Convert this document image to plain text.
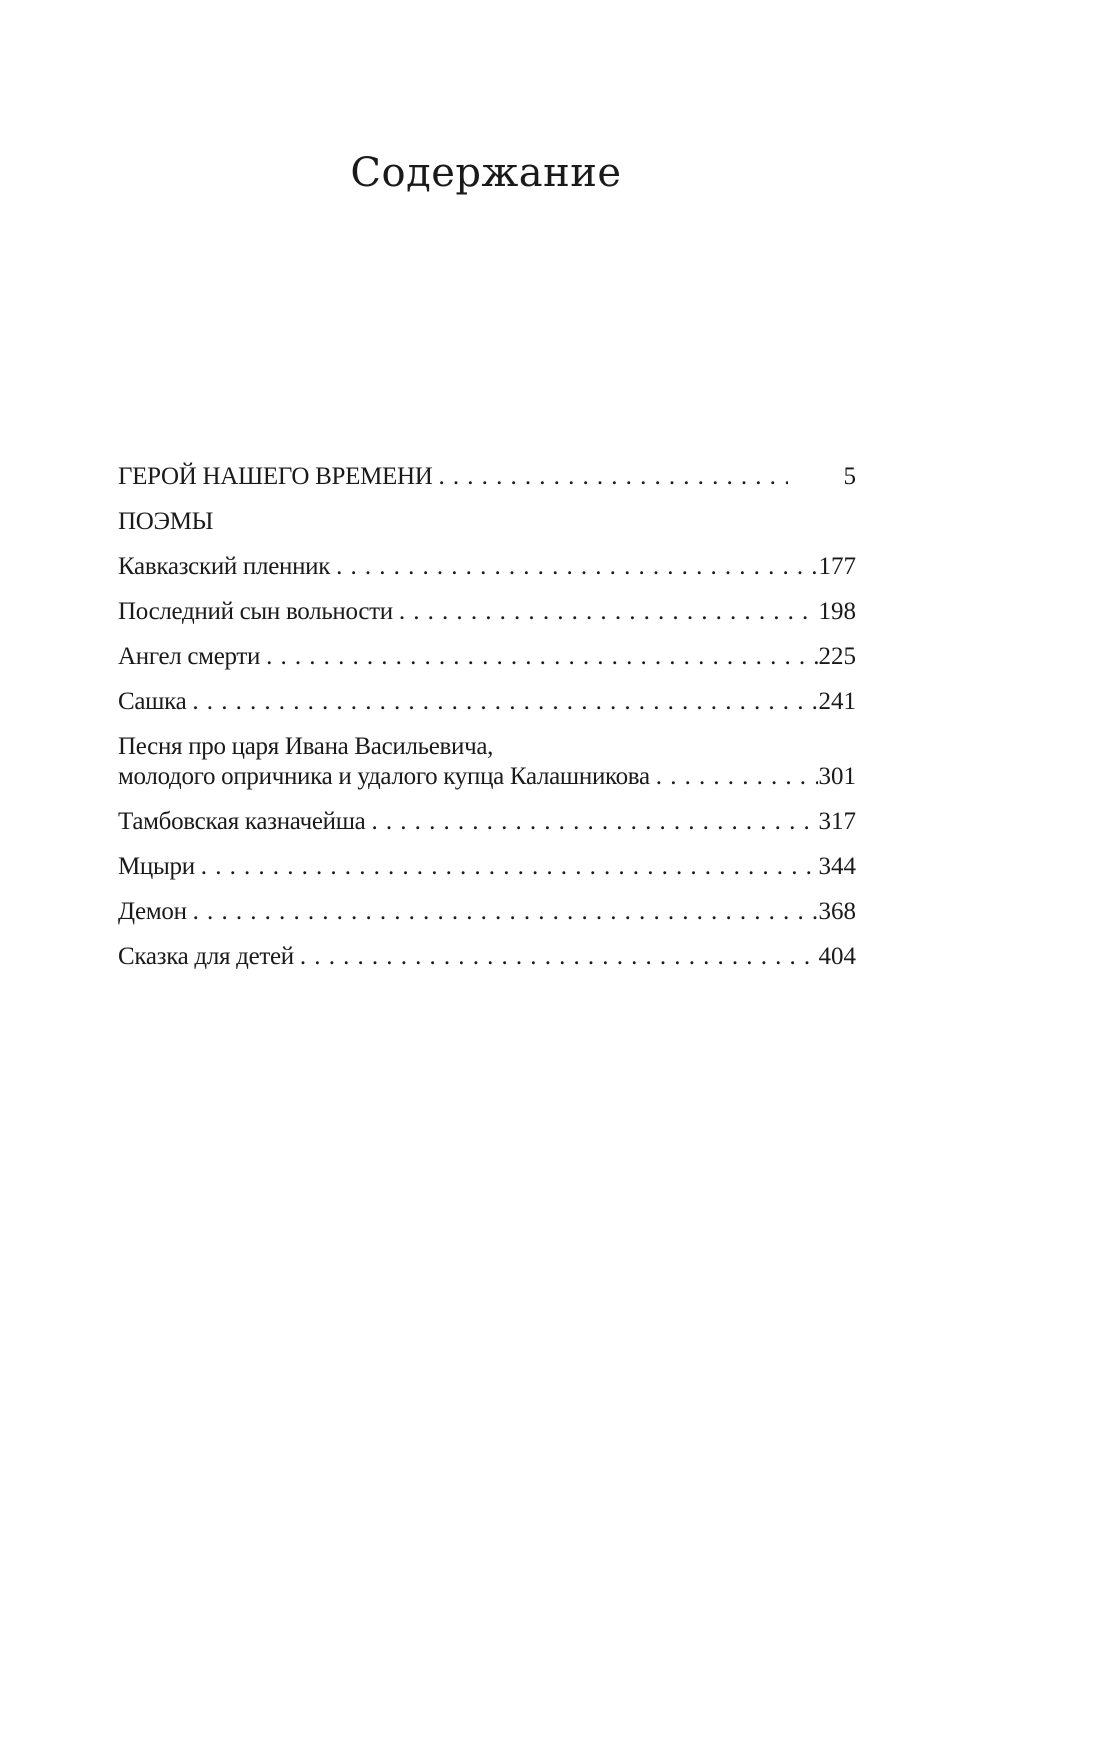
Содержание
ГЕРОЙ НАШЕГО ВРЕМЕНИ . . .	5
ПОЭМЫ
Кавказский пленник . . .	177
Последний сын вольности . . .	198
Ангел смерти . . .	225
Сашка . . .	241
Песня про царя Ивана Васильевича,
молодого опричника и удалого купца Калашникова . . .	301
Тамбовская казначейша . . .	317
Мцыри . . .	344
Демон . . .	368
Сказка для детей . . .	404
